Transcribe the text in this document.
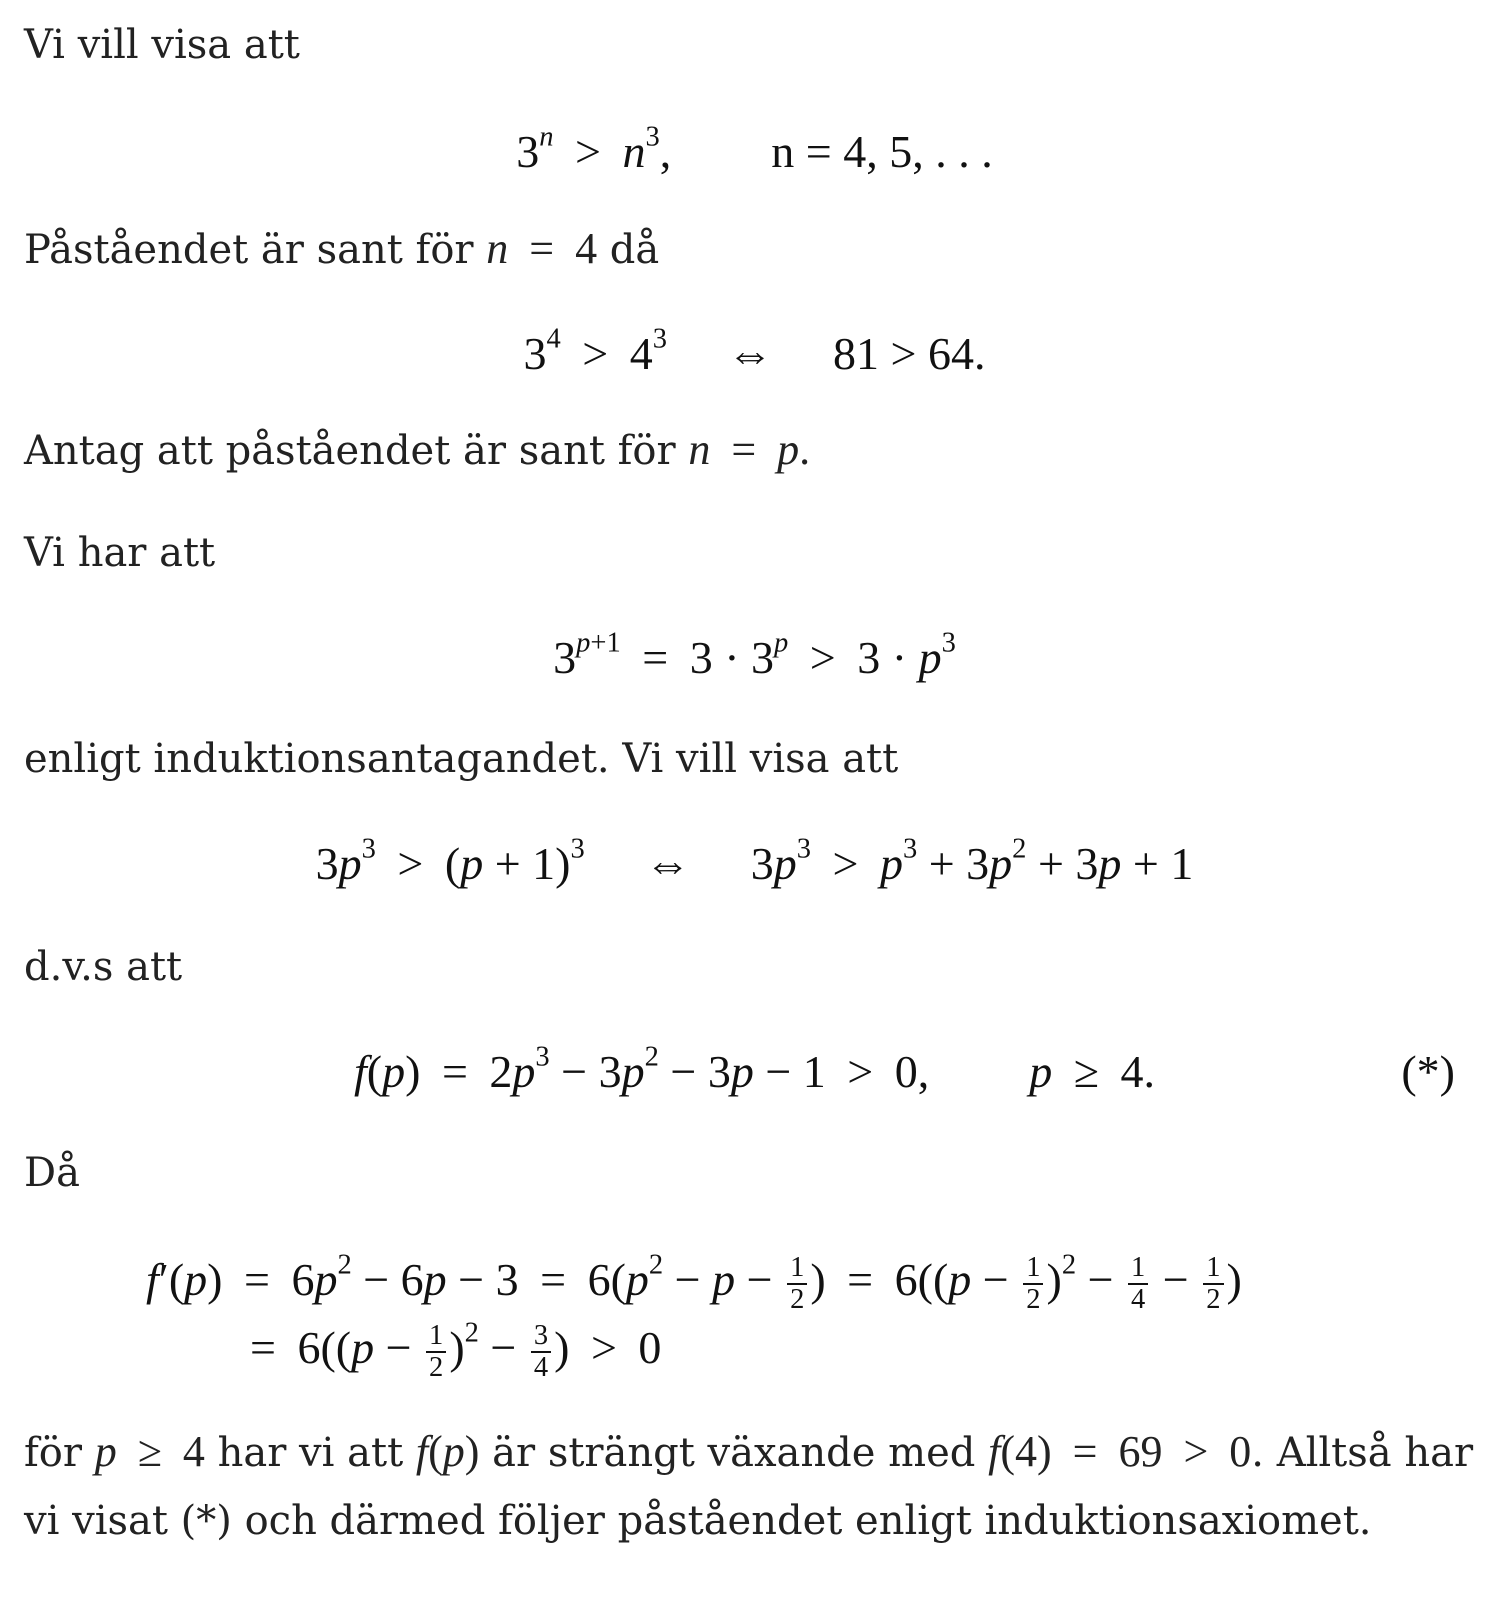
Vi vill visa att

$3^n > n^3$, n = 4, 5, . . .

Påståendet är sant för n = 4 då

$3^4 > 4^3$ ⇔ 81 > 64.

Antag att påståendet är sant för n = p.

Vi har att

$3^{p+1} = 3 \cdot 3^p > 3 \cdot p^3$

enligt induktionsantagandet. Vi vill visa att

$3p^3 > (p + 1)^3$ ⇔ $3p^3 > p^3 + 3p^2 + 3p + 1$

d.v.s att

$f(p) = 2p^3 - 3p^2 - 3p - 1 > 0$, p ≥ 4.	(*)

Då

$f'(p) = 6p^2 - 6p - 3 = 6(p^2 - p - \frac{1}{2}$ ) = $6((p - \frac{1}{2} )^2 - \frac{1}{4} - \frac{1}{2}$ )
= $6((p - \frac{1}{2} )^2 - \frac{3}{4}$ ) > 0

för p ≥ 4 har vi att f(p) är strängt växande med f(4) = 69 > 0. Alltså har vi visat (*) och därmed följer påståendet enligt induktionsaxiomet.
